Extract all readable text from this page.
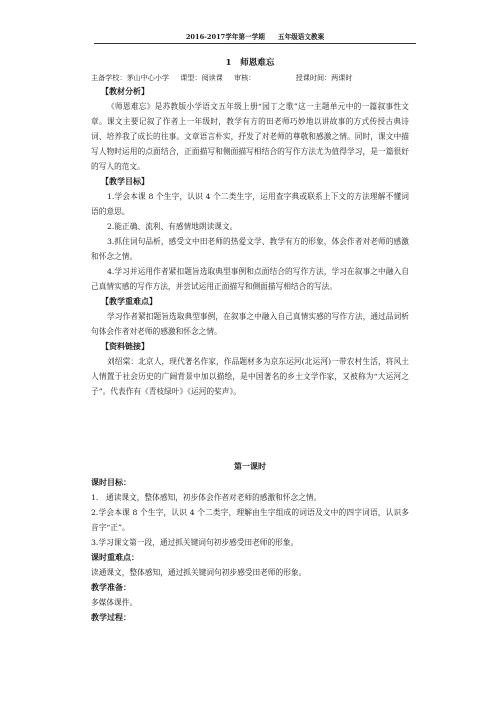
2016-2017学年第一学期　　五年级语文教案
1　师恩难忘
主备学校：茅山中心小学 课型：阅读课 审核：	授课时间：两课时
【教材分析】
《师恩难忘》是苏教版小学语文五年级上册“园丁之歌”这一主题单元中的一篇叙事性文章。课文主要记叙了作者上一年级时，教学有方的田老师巧妙地以讲故事的方式传授古典诗词、培养我了成长的往事。文章语言朴实，抒发了对老师的尊敬和感激之情。同时，课文中描写人物时运用的点面结合，正面描写和侧面描写相结合的写作方法尤为值得学习，是一篇很好的写人的范文。
【教学目标】
1.学会本课 8 个生字，认识 4 个二类生字，运用查字典或联系上下文的方法理解不懂词语的意思。
2.能正确、流利、有感情地朗读课文。
3.抓住词句品析，感受文中田老师的热爱文学、教学有方的形象，体会作者对老师的感激和怀念之情。
4.学习并运用作者紧扣题旨选取典型事例和点面结合的写作方法，学习在叙事之中融入自己真情实感的写作方法，并尝试运用正面描写和侧面描写相结合的写法。
【教学重难点】
学习作者紧扣题旨选取典型事例，在叙事之中融入自己真情实感的写作方法，通过品词析句体会作者对老师的感激和怀念之情。
【资料链接】
刘绍棠：北京人，现代著名作家，作品题材多为京东运河(北运河)一带农村生活，将风土人情置于社会历史的广阔背景中加以描绘，是中国著名的乡土文学作家，又被称为“大运河之子”。代表作有《青枝绿叶》《运河的桨声》。
第一课时
课时目标：
1.　通读课文，整体感知，初步体会作者对老师的感激和怀念之情。
2.学会本课 8 个生字，认识 4 个二类字，理解由生字组成的词语及文中的四字词语，认识多音字“正”。
3.学习课文第一段，通过抓关键词句初步感受田老师的形象。
课时重难点：
读通课文，整体感知，通过抓关键词句初步感受田老师的形象。
教学准备：
多媒体课件。
教学过程：
